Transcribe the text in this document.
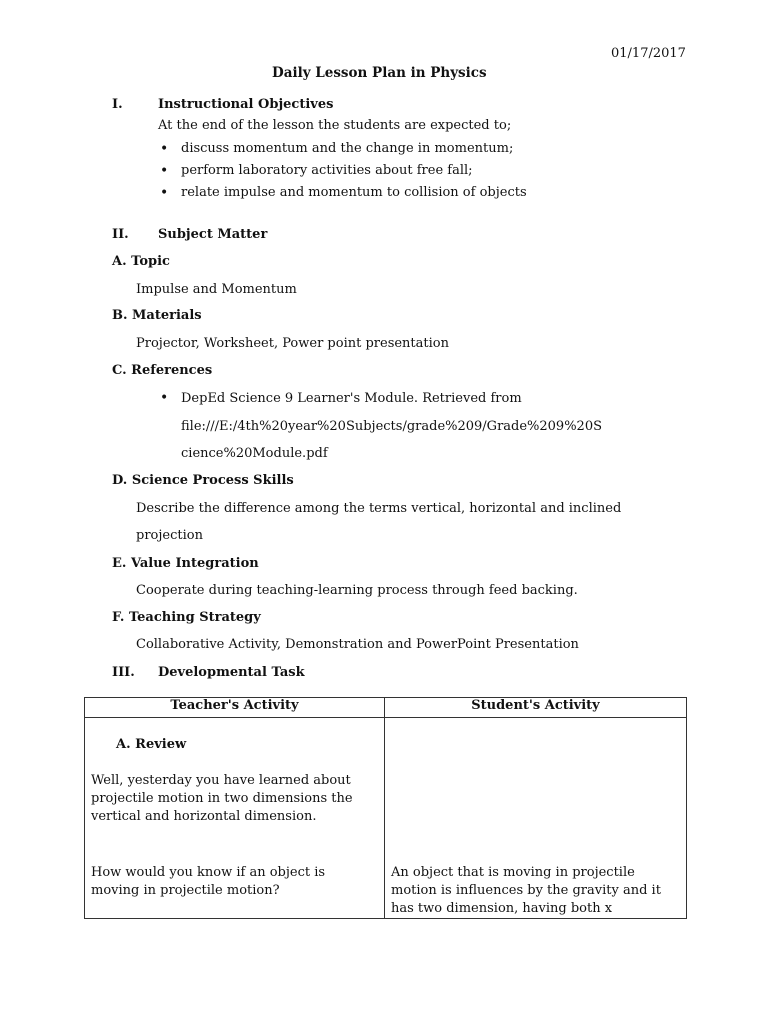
01/17/2017
Daily Lesson Plan in Physics
I.	Instructional Objectives
At the end of the lesson the students are expected to;
• discuss momentum and the change in momentum;
• perform laboratory activities about free fall;
• relate impulse and momentum to collision of objects
II. Subject Matter
A. Topic
Impulse and Momentum
B. Materials
Projector, Worksheet, Power point presentation
C. References
• DepEd Science 9 Learner's Module. Retrieved from
file:///E:/4th%20year%20Subjects/grade%209/Grade%209%20S
cience%20Module.pdf
D. Science Process Skills
Describe the difference among the terms vertical, horizontal and inclined
projection
E. Value Integration
Cooperate during teaching-learning process through feed backing.
F. Teaching Strategy
Collaborative Activity, Demonstration and PowerPoint Presentation
III. Developmental Task
Teacher's Activity	Student's Activity

A. Review
Well, yesterday you have learned about projectile motion in two dimensions the vertical and horizontal dimension.
How would you know if an object is moving in projectile motion?	An object that is moving in projectile motion is influences by the gravity and it has two dimension, having both x
